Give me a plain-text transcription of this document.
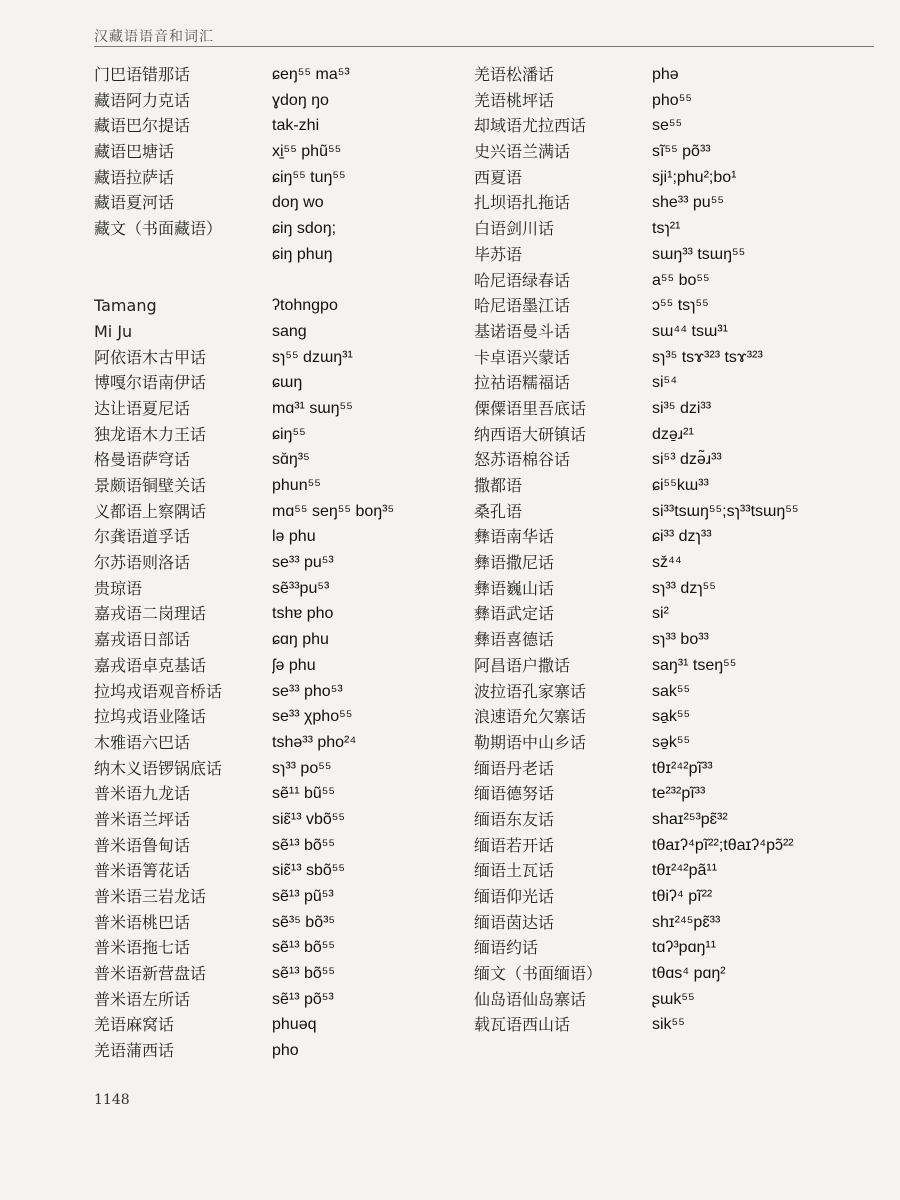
汉藏语语音和词汇
门巴语错那话	ɕeŋ⁵⁵ ma⁵³
藏语阿力克话	ɣdoŋ ŋo
藏语巴尔提话	tak-zhi
藏语巴塘话	xi̠⁵⁵ phũ⁵⁵
藏语拉萨话	ɕiŋ⁵⁵ tuŋ⁵⁵
藏语夏河话	doŋ wo
藏文（书面藏语）	ɕiŋ sdoŋ;
ɕiŋ phuŋ
Tamang	ʔtohngpo
Mi Ju	sang
阿依语木古甲话	sɿ⁵⁵ dzɯŋ³¹
博嘎尔语南伊话	ɕɯŋ
达让语夏尼话	mɑ³¹ sɯŋ⁵⁵
独龙语木力王话	ɕiŋ⁵⁵
格曼语萨穹话	sɑ̆ŋ³⁵
景颇语铜壁关话	phun⁵⁵
义都语上察隅话	mɑ⁵⁵ seŋ⁵⁵ boŋ³⁵
尔龚语道孚话	lə phu
尔苏语则洛话	se³³ pu⁵³
贵琼语	sẽ³³pu⁵³
嘉戎语二岗理话	tshɐ pho
嘉戎语日部话	ɕɑŋ phu
嘉戎语卓克基话	ʃə phu
拉坞戎语观音桥话	se³³ pho⁵³
拉坞戎语业隆话	se³³ χpho⁵⁵
木雅语六巴话	tshə³³ pho²⁴
纳木义语锣锅底话	sɿ³³ po⁵⁵
普米语九龙话	sẽ¹¹ bũ⁵⁵
普米语兰坪话	siɛ̃¹³ vbõ⁵⁵
普米语鲁甸话	sẽ¹³ bõ⁵⁵
普米语箐花话	siɛ̃¹³ sbõ⁵⁵
普米语三岩龙话	sẽ¹³ pũ⁵³
普米语桃巴话	sẽ³⁵ bõ³⁵
普米语拖七话	sẽ¹³ bõ⁵⁵
普米语新营盘话	sẽ¹³ bõ⁵⁵
普米语左所话	sẽ¹³ põ⁵³
羌语麻窝话	phuəq
羌语蒲西话	pho
羌语松潘话	phə
羌语桃坪话	pho⁵⁵
却域语尤拉西话	se⁵⁵
史兴语兰满话	sĩ⁵⁵ põ³³
西夏语	sji¹;phu²;bo¹
扎坝语扎拖话	she³³ pu⁵⁵
白语剑川话	tsɿ²¹
毕苏语	sɯŋ³³ tsɯŋ⁵⁵
哈尼语绿春话	a⁵⁵ bo⁵⁵
哈尼语墨江话	ɔ⁵⁵ tsɿ⁵⁵
基诺语曼斗话	sɯ⁴⁴ tsɯ³¹
卡卓语兴蒙话	sɿ³⁵ tsɤ³²³ tsɤ³²³
拉祜语糯福话	si⁵⁴
傈僳语里吾底话	si³⁵ dzi³³
纳西语大研镇话	dzə̱ɹ²¹
怒苏语棉谷话	si⁵³ dzə̃ɹ³³
撒都语	ɕi⁵⁵kɯ³³
桑孔语	si³³tsɯŋ⁵⁵;sɿ³³tsɯŋ⁵⁵
彝语南华话	ɕi³³ dzɿ³³
彝语撒尼话	sž⁴⁴
彝语巍山话	sɿ³³ dzɿ⁵⁵
彝语武定话	si²
彝语喜德话	sɿ³³ bo³³
阿昌语户撒话	saŋ³¹ tseŋ⁵⁵
波拉语孔家寨话	sak⁵⁵
浪速语允欠寨话	sa̱k⁵⁵
勒期语中山乡话	sə̱k⁵⁵
缅语丹老话	tθɪ²⁴²pĩ³³
缅语德努话	te²³²pĩ³³
缅语东友话	shaɪ²⁵³pɛ̃³²
缅语若开话	tθaɪʔ⁴pĩ²²;tθaɪʔ⁴pɔ̃²²
缅语土瓦话	tθɪ²⁴²pã¹¹
缅语仰光话	tθiʔ⁴ pĩ²²
缅语茵达话	shɪ²⁴⁵pɛ̃³³
缅语约话	tɑʔ³pɑŋ¹¹
缅文（书面缅语）	tθɑs⁴ pɑŋ²
仙岛语仙岛寨话	ʂɯk⁵⁵
载瓦语西山话	sik⁵⁵
1148
